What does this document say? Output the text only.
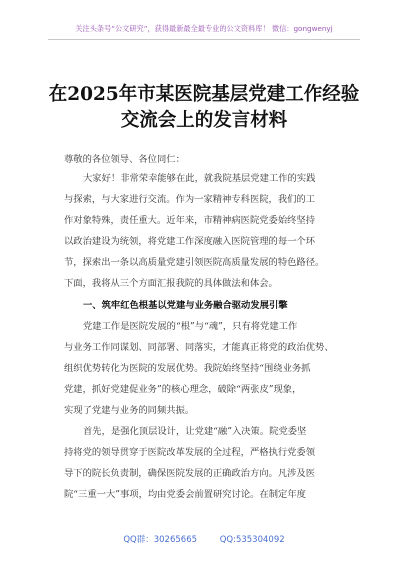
关注头条号“公文研究”，获得最新最全最专业的公文资料库！ 微信：gongwenyj
在2025年市某医院基层党建工作经验
交流会上的发言材料
尊敬的各位领导、各位同仁：
大家好！非常荣幸能够在此，就我院基层党建工作的实践
与探索，与大家进行交流。作为一家精神专科医院，我们的工
作对象特殊，责任重大。近年来，市精神病医院党委始终坚持
以政治建设为统领，将党建工作深度融入医院管理的每一个环
节，探索出一条以高质量党建引领医院高质量发展的特色路径。
下面，我将从三个方面汇报我院的具体做法和体会。
一、筑牢红色根基以党建与业务融合驱动发展引擎
党建工作是医院发展的“根”与“魂”，只有将党建工作
与业务工作同谋划、同部署、同落实，才能真正将党的政治优势、
组织优势转化为医院的发展优势。我院始终坚持“围绕业务抓
党建，抓好党建促业务”的核心理念，破除“两张皮”现象，
实现了党建与业务的同频共振。
首先，是强化顶层设计，让党建“融”入决策。院党委坚
持将党的领导贯穿于医院改革发展的全过程，严格执行党委领
导下的院长负责制，确保医院发展的正确政治方向。凡涉及医
院“三重一大”事项，均由党委会前置研究讨论。在制定年度
QQ群：30265665	QQ:535304092
